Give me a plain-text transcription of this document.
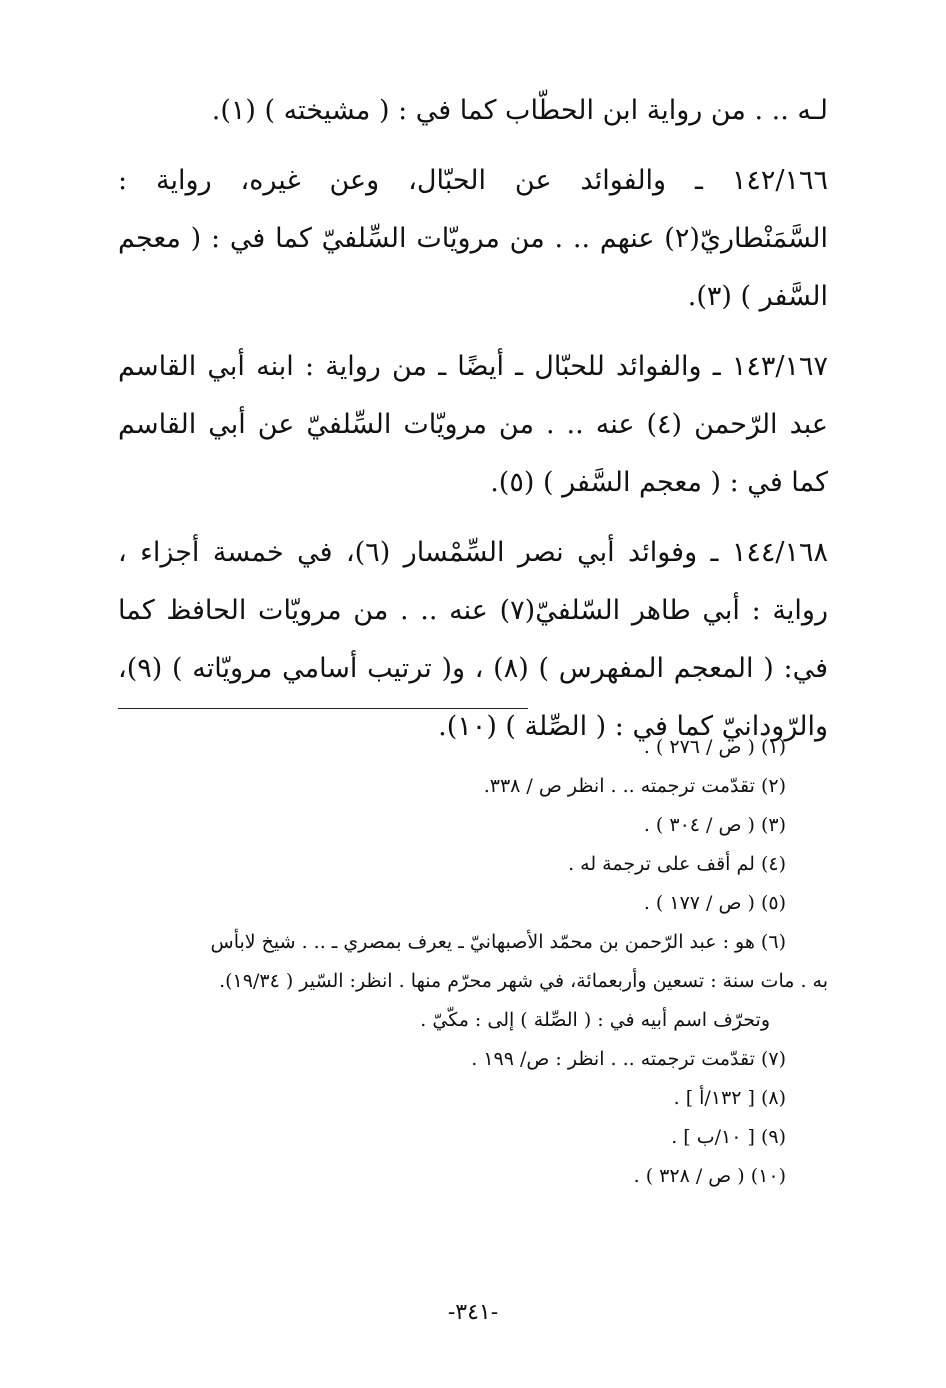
لـه .. . من رواية ابن الحطّاب كما في : ( مشيخته ) (١).

١٤٢/١٦٦ ـ والفوائد عن الحبّال، وعن غيره، رواية : السَّمَنْطاريّ(٢) عنهم .. . من مرويّات السِّلفيّ كما في : ( معجم السَّفر ) (٣).

١٤٣/١٦٧ ـ والفوائد للحبّال ـ أيضًا ـ من رواية : ابنه أبي القاسم عبد الرّحمن (٤) عنه .. . من مرويّات السِّلفيّ عن أبي القاسم كما في : ( معجم السَّفر ) (٥).

١٤٤/١٦٨ ـ وفوائد أبي نصر السِّمْسار (٦)، في خمسة أجزاء ، رواية : أبي طاهر السّلفيّ(٧) عنه .. . من مرويّات الحافظ كما في: ( المعجم المفهرس ) (٨) ، و( ترتيب أسامي مرويّاته ) (٩)، والرّودانيّ كما في : ( الصِّلة ) (١٠).

(١) ( ص / ٢٧٦ ) .

(٢) تقدّمت ترجمته .. . انظر ص / ٣٣٨.

(٣) ( ص / ٣٠٤ ) .

(٤) لم أقف على ترجمة له .

(٥) ( ص / ١٧٧ ) .

(٦) هو : عبد الرّحمن بن محمّد الأصبهانيّ ـ يعرف بمصري ـ .. . شيخ لابأس

به . مات سنة : تسعين وأربعمائة، في شهر محرّم منها . انظر: السّير ( ١٩/٣٤).

وتحرّف اسم أبيه في : ( الصِّلة ) إلى : مكّيّ .

(٧) تقدّمت ترجمته .. . انظر : ص/ ١٩٩ .

(٨) [ ١٣٢/أ ] .

(٩) [ ١٠/ب ] .

(١٠) ( ص / ٣٢٨ ) .

-٣٤١-
